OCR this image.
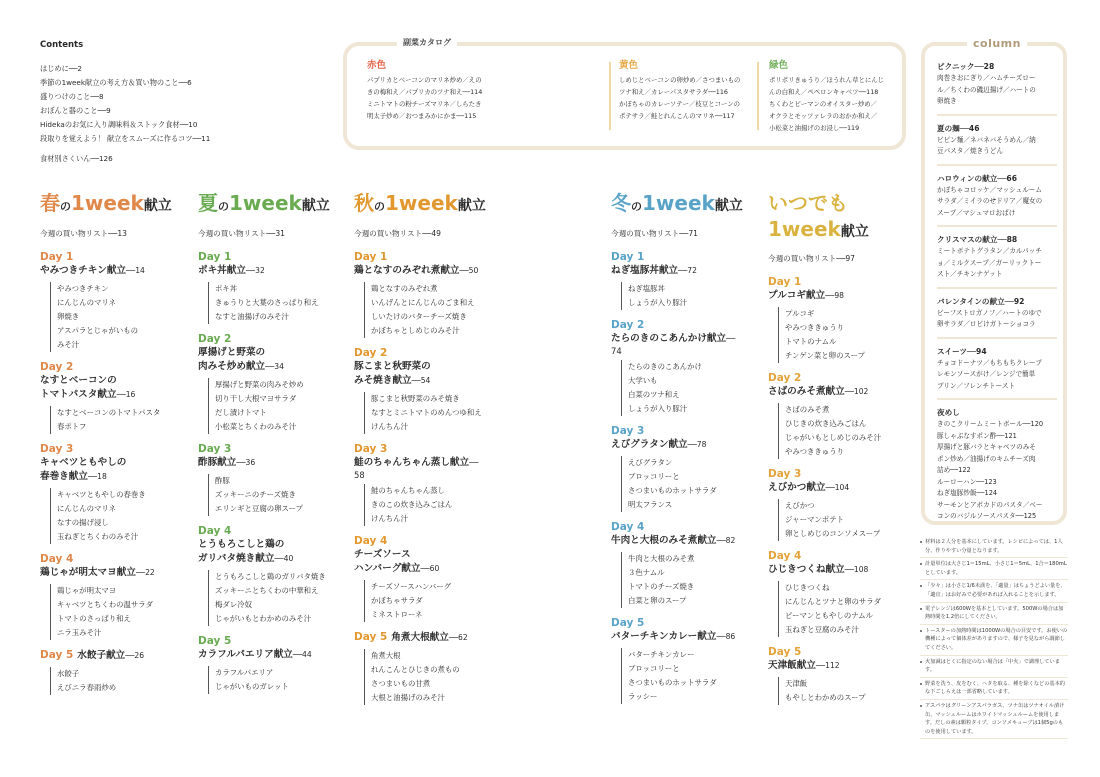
Contents
はじめに──2
季節の1week献立の考え方＆買い物のこと──6
盛りつけのこと──8
おぼんと器のこと──9
Hidekaのお気に入り調味料＆ストック食材──10
段取りを覚えよう！ 献立をスムーズに作るコツ──11
食材別さくいん──126
副菜カタログ
赤色
パプリカとベーコンのマリネ炒め／えの
きの梅和え／パプリカのツナ和え──114
ミニトマトの粉チーズマリネ／しらたき
明太子炒め／おつまみかにかま──115
黄色
しめじとベーコンの卵炒め／さつまいもの
ツナ和え／カレーパスタサラダ──116
かぼちゃのカレーソテー／枝豆とコーンの
ポテサラ／鮭とれんこんのマリネ──117
緑色
ポリポリきゅうり／ほうれん草とにんじ
んの白和え／ペペロンキャベツ──118
ちくわとピーマンのオイスター炒め／
オクラとモッツァレラのおかか和え／
小松菜と油揚げのお浸し──119
春の1week献立
今週の買い物リスト──13
Day 1
やみつきチキン献立──14
やみつきチキン
にんじんのマリネ
卵焼き
アスパラとじゃがいもの
みそ汁
Day 2
なすとベーコンの
トマトパスタ献立──16
なすとベーコンのトマトパスタ
春ポトフ
Day 3
キャベツともやしの
春巻き献立──18
キャベツともやしの春巻き
にんじんのマリネ
なすの揚げ浸し
玉ねぎとちくわのみそ汁
Day 4
鶏じゃが明太マヨ献立──22
鶏じゃが明太マヨ
キャベツとちくわの温サラダ
トマトのさっぱり和え
ニラ玉みそ汁
Day 5 水餃子献立──26
水餃子
えびニラ春雨炒め
夏の1week献立
今週の買い物リスト──31
Day 1
ポキ丼献立──32
ポキ丼
きゅうりと大葉のさっぱり和え
なすと油揚げのみそ汁
Day 2
厚揚げと野菜の
肉みそ炒め献立──34
厚揚げと野菜の肉みそ炒め
切り干し大根マヨサラダ
だし漬けトマト
小松菜とちくわのみそ汁
Day 3
酢豚献立──36
酢豚
ズッキーニのチーズ焼き
エリンギと豆腐の卵スープ
Day 4
とうもろこしと鶏の
ガリバタ焼き献立──40
とうもろこしと鶏のガリバタ焼き
ズッキーニとちくわの中華和え
梅ダレ冷奴
じゃがいもとわかめのみそ汁
Day 5
カラフルパエリア献立──44
カラフルパエリア
じゃがいものガレット
秋の1week献立
今週の買い物リスト──49
Day 1
鶏となすのみぞれ煮献立──50
鶏となすのみぞれ煮
いんげんとにんじんのごま和え
しいたけのバターチーズ焼き
かぼちゃとしめじのみそ汁
Day 2
豚こまと秋野菜の
みそ焼き献立──54
豚こまと秋野菜のみそ焼き
なすとミニトマトのめんつゆ和え
けんちん汁
Day 3
鮭のちゃんちゃん蒸し献立──
58
鮭のちゃんちゃん蒸し
きのこの炊き込みごはん
けんちん汁
Day 4
チーズソース
ハンバーグ献立──60
チーズソースハンバーグ
かぼちゃサラダ
ミネストローネ
Day 5 角煮大根献立──62
角煮大根
れんこんとひじきの煮もの
さつまいもの甘煮
大根と油揚げのみそ汁
冬の1week献立
今週の買い物リスト──71
Day 1
ねぎ塩豚丼献立──72
ねぎ塩豚丼
しょうが入り豚汁
Day 2
たらのきのこあんかけ献立──
74
たらのきのこあんかけ
大学いも
白菜のツナ和え
しょうが入り豚汁
Day 3
えびグラタン献立──78
えびグラタン
ブロッコリーと
さつまいものホットサラダ
明太フランス
Day 4
牛肉と大根のみそ煮献立──82
牛肉と大根のみそ煮
３色ナムル
トマトのチーズ焼き
白菜と卵のスープ
Day 5
バターチキンカレー献立──86
バターチキンカレー
ブロッコリーと
さつまいものホットサラダ
ラッシー
いつでも
1week献立
今週の買い物リスト──97
Day 1
プルコギ献立──98
プルコギ
やみつききゅうり
トマトのナムル
チンゲン菜と卵のスープ
Day 2
さばのみそ煮献立──102
さばのみそ煮
ひじきの炊き込みごはん
じゃがいもとしめじのみそ汁
やみつききゅうり
Day 3
えびかつ献立──104
えびかつ
ジャーマンポテト
卵としめじのコンソメスープ
Day 4
ひじきつくね献立──108
ひじきつくね
にんじんとツナと卵のサラダ
ピーマンともやしのナムル
玉ねぎと豆腐のみそ汁
Day 5
天津飯献立──112
天津飯
もやしとわかめのスープ
column
ピクニック──28
肉巻きおにぎり／ハムチーズロー
ル／ちくわの磯辺揚げ／ハートの
卵焼き
夏の麺──46
ビビン麺／ネバネバそうめん／納
豆パスタ／焼きうどん
ハロウィンの献立──66
かぼちゃコロッケ／マッシュルーム
サラダ／ミイラのせドリア／魔女の
スープ／マシュマロおばけ
クリスマスの献立──88
ミートボテトグラタン／カルパッチ
ョ／ミルクスープ／ガーリックトー
スト／チキンナゲット
バレンタインの献立──92
ビーフストロガノフ／ハートのゆで
卵サラダ／ロビけガトーショコラ
スイーツ──94
チョコドーナツ／もちもちクレープ
レモンソースがけ／レンジで簡単
プリン／フレンチトースト
夜めし
きのこクリームミートボール──120
豚しゃぶなすポン酢──121
厚揚げと豚バラとキャベツのみそ
ポン炒め／油揚げのキムチーズ肉
詰め──122
ルーローハン──123
ねぎ塩豚炒飯──124
サーモンとアボカドのパスタ／ベー
コンのバジルソースパスタ──125
材料は２人分を基本にしています。レシピによっては、1人分、作りやすい分量となります。
計量単位は大さじ1＝15mL、小さじ1＝5mL、1合＝180mLとしています。
「少々」は小さじ1/6未満を、「適量」はちょうどよい量を、「適宜」はお好みで必要があれば入れることを示します。
電子レンジは600Wを基本としています。500Wの場合は加熱時間を1.2倍にしてください。
トースターの加熱時間は1000Wの場合の目安です。お使いの機種によって個体差がありますので、様子を見ながら調節してください。
火加減はとくに指定のない場合は「中火」で調理しています。
野菜を洗う、皮をむく、ヘタを取る、種を除くなどの基本的な下ごしらえは一部省略しています。
アスパラはグリーンアスパラガス、ツナ缶はツナオイル漬け缶、マッシュルームはホワイトマッシュルームを使用します。だしの素は顆粒タイプ、コンソメキューブは1個5gのものを使用しています。
